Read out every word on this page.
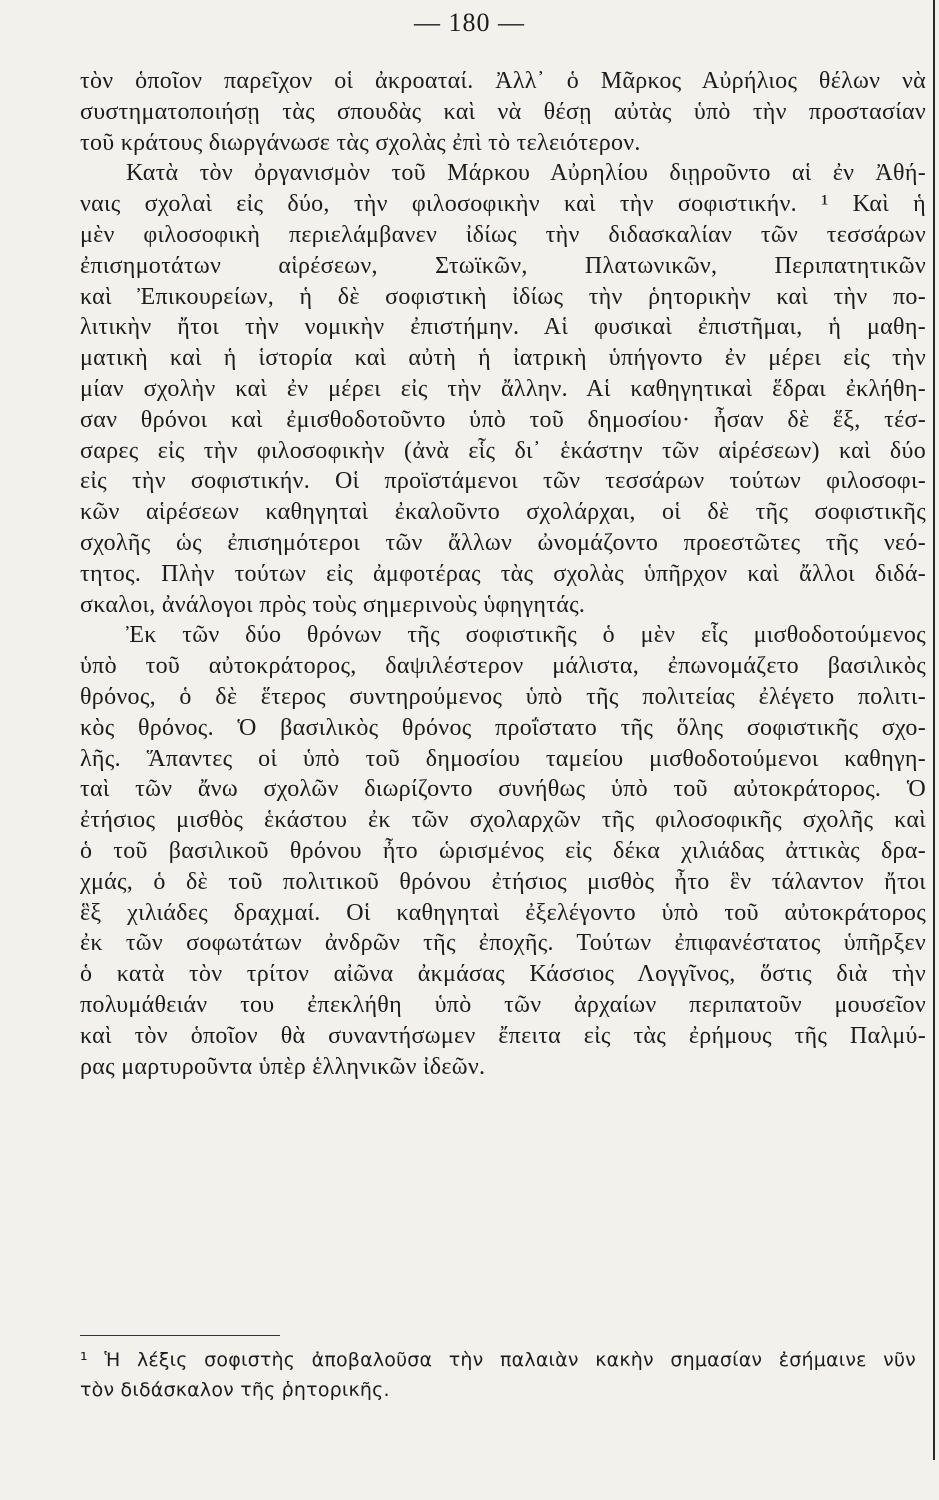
— 180 —
τὸν ὁποῖον παρεῖχον οἱ ἀκροαταί. Ἀλλ᾽ ὁ Μᾶρκος Αὐρήλιος θέλων νὰ
συστηματοποιήσῃ τὰς σπουδὰς καὶ νὰ θέσῃ αὐτὰς ὑπὸ τὴν προστασίαν
τοῦ κράτους διωργάνωσε τὰς σχολὰς ἐπὶ τὸ τελειότερον.
Κατὰ τὸν ὀργανισμὸν τοῦ Μάρκου Αὐρηλίου διῃροῦντο αἱ ἐν Ἀθή-
ναις σχολαὶ εἰς δύο, τὴν φιλοσοφικὴν καὶ τὴν σοφιστικήν. ¹ Καὶ ἡ
μὲν φιλοσοφικὴ περιελάμβανεν ἰδίως τὴν διδασκαλίαν τῶν τεσσάρων
ἐπισημοτάτων αἱρέσεων, Στωϊκῶν, Πλατωνικῶν, Περιπατητικῶν
καὶ Ἐπικουρείων, ἡ δὲ σοφιστικὴ ἰδίως τὴν ῥητορικὴν καὶ τὴν πο-
λιτικὴν ἤτοι τὴν νομικὴν ἐπιστήμην. Αἱ φυσικαὶ ἐπιστῆμαι, ἡ μαθη-
ματικὴ καὶ ἡ ἱστορία καὶ αὐτὴ ἡ ἰατρικὴ ὑπήγοντο ἐν μέρει εἰς τὴν
μίαν σχολὴν καὶ ἐν μέρει εἰς τὴν ἄλλην. Αἱ καθηγητικαὶ ἕδραι ἐκλήθη-
σαν θρόνοι καὶ ἐμισθοδοτοῦντο ὑπὸ τοῦ δημοσίου· ἦσαν δὲ ἕξ, τέσ-
σαρες εἰς τὴν φιλοσοφικὴν (ἀνὰ εἷς δι᾽ ἑκάστην τῶν αἱρέσεων) καὶ δύο
εἰς τὴν σοφιστικήν. Οἱ προϊστάμενοι τῶν τεσσάρων τούτων φιλοσοφι-
κῶν αἱρέσεων καθηγηταὶ ἐκαλοῦντο σχολάρχαι, οἱ δὲ τῆς σοφιστικῆς
σχολῆς ὡς ἐπισημότεροι τῶν ἄλλων ὠνομάζοντο προεστῶτες τῆς νεό-
τητος. Πλὴν τούτων εἰς ἀμφοτέρας τὰς σχολὰς ὑπῆρχον καὶ ἄλλοι διδά-
σκαλοι, ἀνάλογοι πρὸς τοὺς σημερινοὺς ὑφηγητάς.
Ἐκ τῶν δύο θρόνων τῆς σοφιστικῆς ὁ μὲν εἷς μισθοδοτούμενος
ὑπὸ τοῦ αὐτοκράτορος, δαψιλέστερον μάλιστα, ἐπωνομάζετο βασιλικὸς
θρόνος, ὁ δὲ ἕτερος συντηρούμενος ὑπὸ τῆς πολιτείας ἐλέγετο πολιτι-
κὸς θρόνος. Ὁ βασιλικὸς θρόνος προΐστατο τῆς ὅλης σοφιστικῆς σχο-
λῆς. Ἅπαντες οἱ ὑπὸ τοῦ δημοσίου ταμείου μισθοδοτούμενοι καθηγη-
ταὶ τῶν ἄνω σχολῶν διωρίζοντο συνήθως ὑπὸ τοῦ αὐτοκράτορος. Ὁ
ἐτήσιος μισθὸς ἑκάστου ἐκ τῶν σχολαρχῶν τῆς φιλοσοφικῆς σχολῆς καὶ
ὁ τοῦ βασιλικοῦ θρόνου ἦτο ὡρισμένος εἰς δέκα χιλιάδας ἀττικὰς δρα-
χμάς, ὁ δὲ τοῦ πολιτικοῦ θρόνου ἐτήσιος μισθὸς ἦτο ἓν τάλαντον ἤτοι
ἓξ χιλιάδες δραχμαί. Οἱ καθηγηταὶ ἐξελέγοντο ὑπὸ τοῦ αὐτοκράτορος
ἐκ τῶν σοφωτάτων ἀνδρῶν τῆς ἐποχῆς. Τούτων ἐπιφανέστατος ὑπῆρξεν
ὁ κατὰ τὸν τρίτον αἰῶνα ἀκμάσας Κάσσιος Λογγῖνος, ὅστις διὰ τὴν
πολυμάθειάν του ἐπεκλήθη ὑπὸ τῶν ἀρχαίων περιπατοῦν μουσεῖον
καὶ τὸν ὁποῖον θὰ συναντήσωμεν ἔπειτα εἰς τὰς ἐρήμους τῆς Παλμύ-
ρας μαρτυροῦντα ὑπὲρ ἑλληνικῶν ἰδεῶν.
¹ Ἡ λέξις σοφιστὴς ἀποβαλοῦσα τὴν παλαιὰν κακὴν σημασίαν ἐσήμαινε νῦν
τὸν διδάσκαλον τῆς ῥητορικῆς.
